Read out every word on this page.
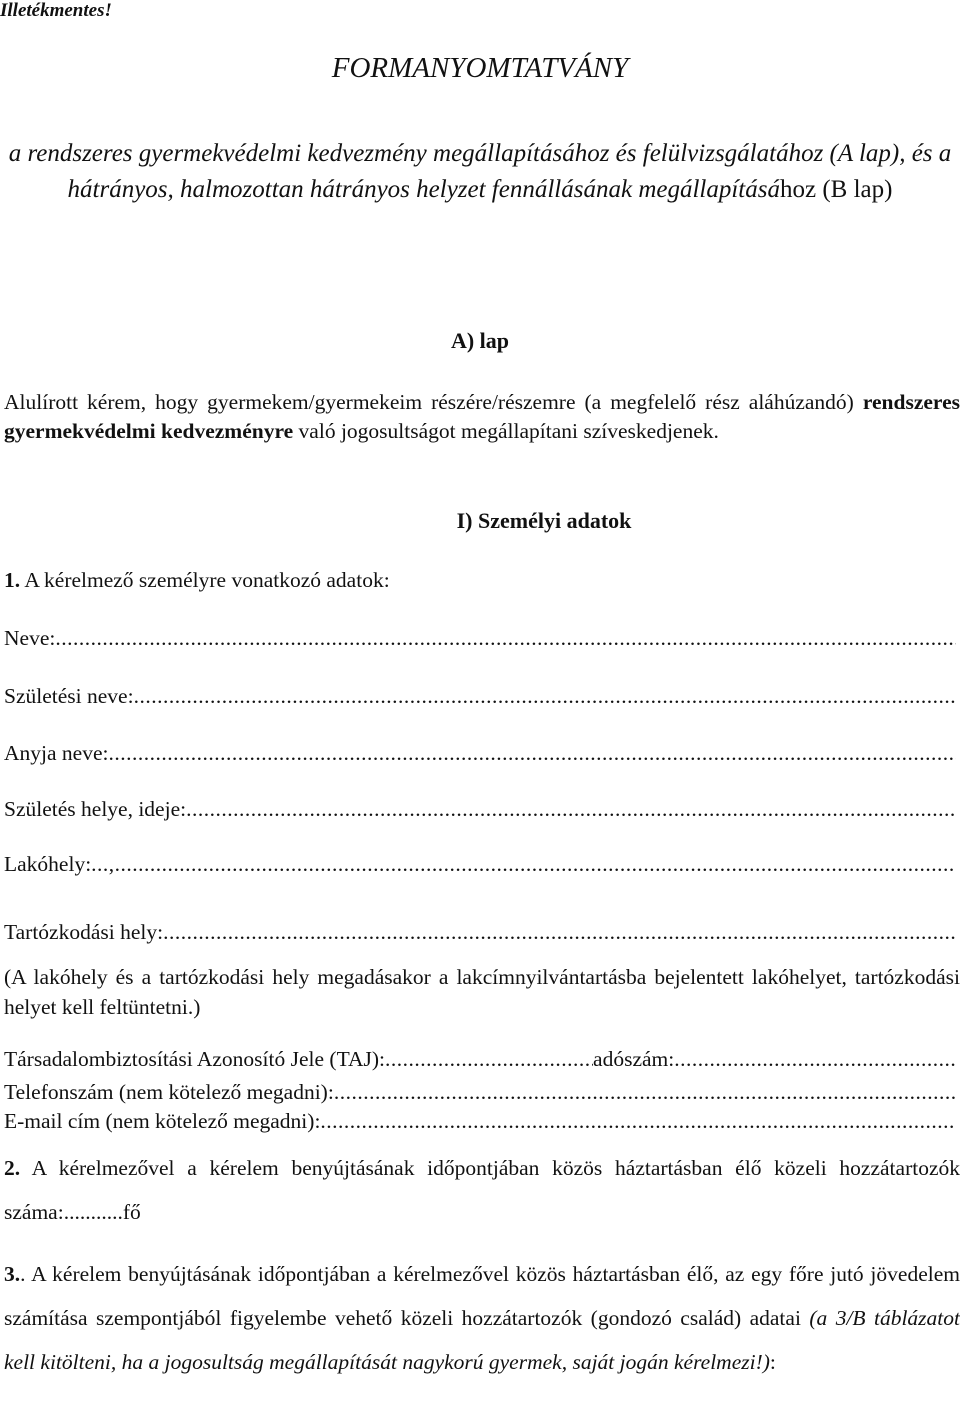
Illetékmentes!
FORMANYOMTATVÁNY
a rendszeres gyermekvédelmi kedvezmény megállapításához és felülvizsgálatához (A lap), és a hátrányos, halmozottan hátrányos helyzet fennállásának megállapításához (B lap)
A) lap
Alulírott kérem, hogy gyermekem/gyermekeim részére/részemre (a megfelelő rész aláhúzandó) rendszeres gyermekvédelmi kedvezményre való jogosultságot megállapítani szíveskedjenek.
I) Személyi adatok
1. A kérelmező személyre vonatkozó adatok:
Neve:
.....
Születési neve:
.....
Anyja neve:
.....
Születés helye, ideje:
.....
Lakóhely: ...,
.....
Tartózkodási hely:
.....
(A lakóhely és a tartózkodási hely megadásakor a lakcímnyilvántartásba bejelentett lakóhelyet, tartózkodási helyet kell feltüntetni.)
Társadalombiztosítási Azonosító Jele (TAJ):
.....	adószám:
.....
Telefonszám (nem kötelező megadni):
.....
E-mail cím (nem kötelező megadni):
.....
2. A kérelmezővel a kérelem benyújtásának időpontjában közös háztartásban élő közeli hozzátartozók száma:...........fő
3.. A kérelem benyújtásának időpontjában a kérelmezővel közös háztartásban élő, az egy főre jutó jövedelem számítása szempontjából figyelembe vehető közeli hozzátartozók (gondozó család) adatai (a 3/B táblázatot kell kitölteni, ha a jogosultság megállapítását nagykorú gyermek, saját jogán kérelmezi!):
